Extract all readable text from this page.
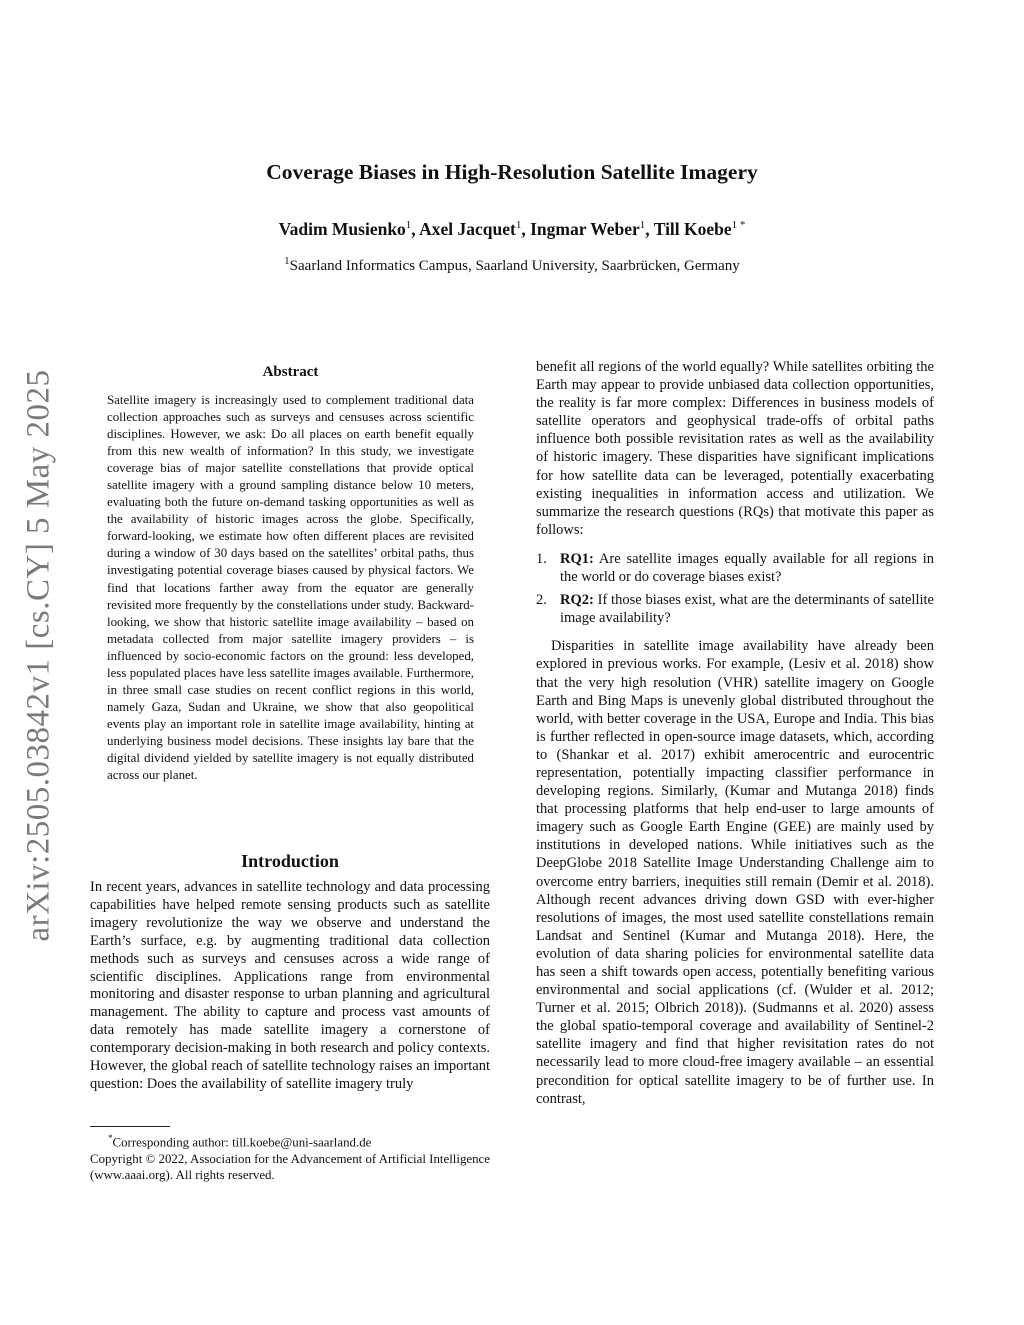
arXiv:2505.03842v1 [cs.CY] 5 May 2025
Coverage Biases in High-Resolution Satellite Imagery
Vadim Musienko$^1$, Axel Jacquet$^1$, Ingmar Weber$^1$, Till Koebe$^{1 *}$
$^1$Saarland Informatics Campus, Saarland University, Saarbrücken, Germany
Abstract

Satellite imagery is increasingly used to complement traditional data collection approaches such as surveys and censuses across scientific disciplines. However, we ask: Do all places on earth benefit equally from this new wealth of information? In this study, we investigate coverage bias of major satellite constellations that provide optical satellite imagery with a ground sampling distance below 10 meters, evaluating both the future on-demand tasking opportunities as well as the availability of historic images across the globe. Specifically, forward-looking, we estimate how often different places are revisited during a window of 30 days based on the satellites’ orbital paths, thus investigating potential coverage biases caused by physical factors. We find that locations farther away from the equator are generally revisited more frequently by the constellations under study. Backward-looking, we show that historic satellite image availability – based on metadata collected from major satellite imagery providers – is influenced by socio-economic factors on the ground: less developed, less populated places have less satellite images available. Furthermore, in three small case studies on recent conflict regions in this world, namely Gaza, Sudan and Ukraine, we show that also geopolitical events play an important role in satellite image availability, hinting at underlying business model decisions. These insights lay bare that the digital dividend yielded by satellite imagery is not equally distributed across our planet.

Introduction

In recent years, advances in satellite technology and data processing capabilities have helped remote sensing products such as satellite imagery revolutionize the way we observe and understand the Earth’s surface, e.g. by augmenting traditional data collection methods such as surveys and censuses across a wide range of scientific disciplines. Applications range from environmental monitoring and disaster response to urban planning and agricultural management. The ability to capture and process vast amounts of data remotely has made satellite imagery a cornerstone of contemporary decision-making in both research and policy contexts. However, the global reach of satellite technology raises an important question: Does the availability of satellite imagery truly

*Corresponding author: till.koebe@uni-saarland.de

Copyright © 2022, Association for the Advancement of Artificial Intelligence (www.aaai.org). All rights reserved.

benefit all regions of the world equally? While satellites orbiting the Earth may appear to provide unbiased data collection opportunities, the reality is far more complex: Differences in business models of satellite operators and geophysical trade-offs of orbital paths influence both possible revisitation rates as well as the availability of historic imagery. These disparities have significant implications for how satellite data can be leveraged, potentially exacerbating existing inequalities in information access and utilization. We summarize the research questions (RQs) that motivate this paper as follows:

1. RQ1: Are satellite images equally available for all regions in the world or do coverage biases exist?
2. RQ2: If those biases exist, what are the determinants of satellite image availability?

Disparities in satellite image availability have already been explored in previous works. For example, (Lesiv et al. 2018) show that the very high resolution (VHR) satellite imagery on Google Earth and Bing Maps is unevenly global distributed throughout the world, with better coverage in the USA, Europe and India. This bias is further reflected in open-source image datasets, which, according to (Shankar et al. 2017) exhibit amerocentric and eurocentric representation, potentially impacting classifier performance in developing regions. Similarly, (Kumar and Mutanga 2018) finds that processing platforms that help end-user to large amounts of imagery such as Google Earth Engine (GEE) are mainly used by institutions in developed nations. While initiatives such as the DeepGlobe 2018 Satellite Image Understanding Challenge aim to overcome entry barriers, inequities still remain (Demir et al. 2018). Although recent advances driving down GSD with ever-higher resolutions of images, the most used satellite constellations remain Landsat and Sentinel (Kumar and Mutanga 2018). Here, the evolution of data sharing policies for environmental satellite data has seen a shift towards open access, potentially benefiting various environmental and social applications (cf. (Wulder et al. 2012; Turner et al. 2015; Olbrich 2018)). (Sudmanns et al. 2020) assess the global spatio-temporal coverage and availability of Sentinel-2 satellite imagery and find that higher revisitation rates do not necessarily lead to more cloud-free imagery available – an essential precondition for optical satellite imagery to be of further use. In contrast,
